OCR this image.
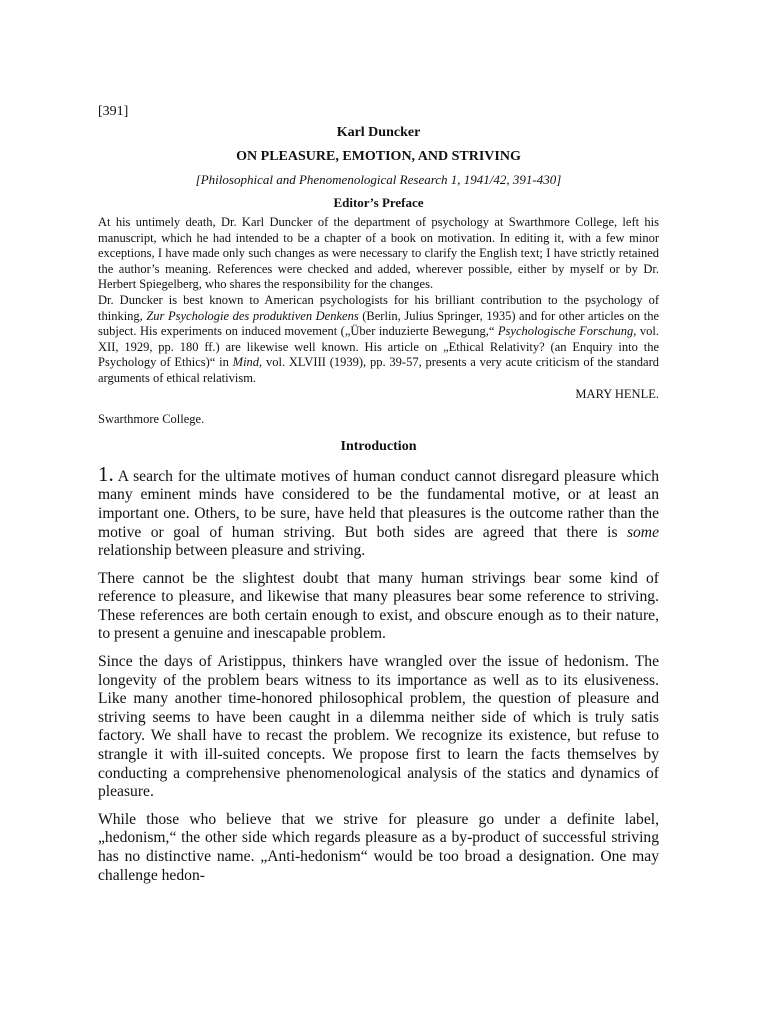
[391]

Karl Duncker

ON PLEASURE, EMOTION, AND STRIVING

[Philosophical and Phenomenological Research 1, 1941/42, 391-430]

Editor’s Preface

At his untimely death, Dr. Karl Duncker of the department of psychology at Swarthmore College, left his manuscript, which he had intended to be a chapter of a book on motivation. In editing it, with a few minor exceptions, I have made only such changes as were necessary to clarify the English text; I have strictly retained the author’s meaning. References were checked and added, wherever possible, either by myself or by Dr. Herbert Spiegelberg, who shares the responsibility for the changes.

Dr. Duncker is best known to American psychologists for his brilliant contribution to the psychology of thinking, Zur Psychologie des produktiven Denkens (Berlin, Julius Springer, 1935) and for other articles on the subject. His experiments on induced movement („Über induzierte Bewegung,“ Psychologische Forschung, vol. XII, 1929, pp. 180 ff.) are likewise well known. His article on „Ethical Relativity? (an Enquiry into the Psychology of Ethics)“ in Mind, vol. XLVIII (1939), pp. 39-57, presents a very acute criticism of the standard arguments of ethical relativism.

MARY HENLE.

Swarthmore College.

Introduction

1. A search for the ultimate motives of human conduct cannot disregard pleasure which many eminent minds have considered to be the fundamental motive, or at least an important one. Others, to be sure, have held that pleasures is the outcome rather than the motive or goal of human striving. But both sides are agreed that there is some relationship between pleasure and striving.

There cannot be the slightest doubt that many human strivings bear some kind of reference to pleasure, and likewise that many pleasures bear some reference to striving. These references are both certain enough to exist, and obscure enough as to their nature, to present a genuine and inescapable problem.

Since the days of Aristippus, thinkers have wrangled over the issue of hedonism. The longevity of the problem bears witness to its importance as well as to its elusiveness. Like many another time-honored philosophical problem, the question of pleasure and striving seems to have been caught in a dilemma neither side of which is truly satis factory. We shall have to recast the problem. We recognize its existence, but refuse to strangle it with ill-suited concepts. We propose first to learn the facts themselves by conducting a comprehensive phenomenological analysis of the statics and dynamics of pleasure.

While those who believe that we strive for pleasure go under a definite label, „hedonism,“ the other side which regards pleasure as a by-product of successful striving has no distinctive name. „Anti-hedonism“ would be too broad a designation. One may challenge hedon-
